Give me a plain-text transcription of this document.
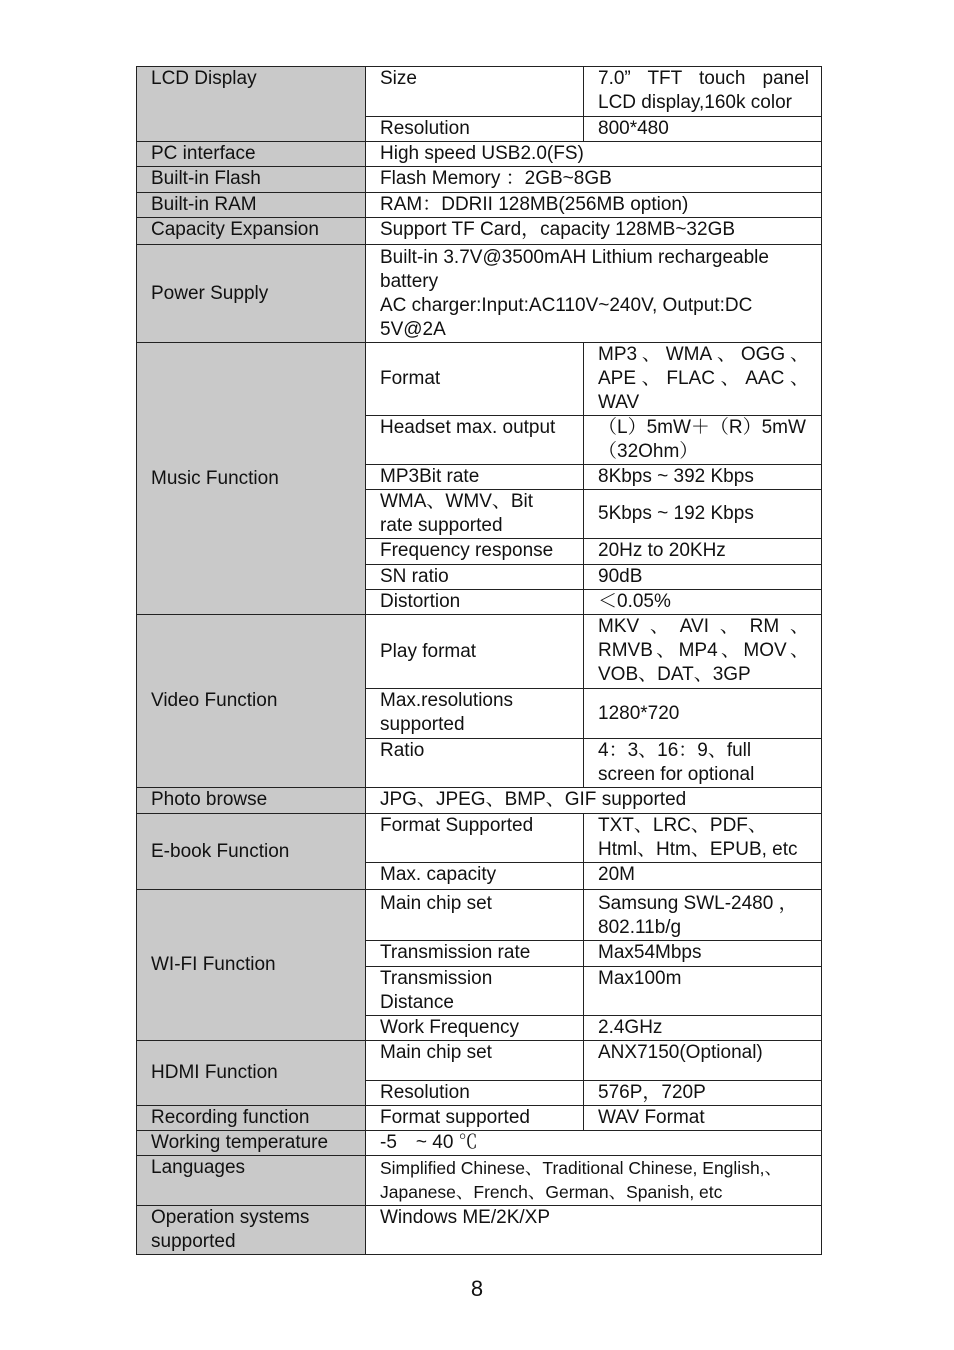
LCD Display	Size	7.0” TFT touch panel LCD display,160k color
	Resolution	800*480
PC interface	High speed USB2.0(FS)	
Built-in Flash	Flash Memory ：2GB~8GB	
Built-in RAM	RAM：DDRII 128MB(256MB option)	
Capacity Expansion	Support TF Card，capacity 128MB~32GB	
Power Supply	Built-in 3.7V@3500mAH Lithium rechargeable battery
AC charger:Input:AC110V~240V, Output:DC 5V@2A	

Music Function	Format	MP3、WMA、OGG、APE、FLAC、AAC、WAV
	Headset max. output	（L）5mW＋（R）5mW（32Ohm）
	MP3Bit rate	8Kbps ~ 392 Kbps
	WMA、WMV、Bit rate supported	5Kbps ~ 192 Kbps
	Frequency response	20Hz to 20KHz
	SN ratio	90dB
	Distortion	＜0.05%
Video Function	Play format	MKV、AVI、RM、RMVB、MP4、MOV、VOB、DAT、3GP
	Max.resolutions supported	1280*720
	Ratio	4：3、16：9、full screen for optional
Photo browse	JPG、JPEG、BMP、GIF supported	
E-book Function	Format Supported	TXT、LRC、PDF、Html、Htm、EPUB, etc
	Max. capacity	20M
WI-FI Function	Main chip set	Samsung SWL-2480 ，802.11b/g
	Transmission rate	Max54Mbps
	Transmission Distance	Max100m
	Work Frequency	2.4GHz
HDMI Function	Main chip set	ANX7150(Optional)
	Resolution	576P，720P
Recording function	Format supported	WAV Format
Working temperature	-5　~ 40 ℃	
Languages	Simplified Chinese、Traditional Chinese, English,、
Japanese、French、German、Spanish, etc	

Operation systems supported	Windows ME/2K/XP	
8
